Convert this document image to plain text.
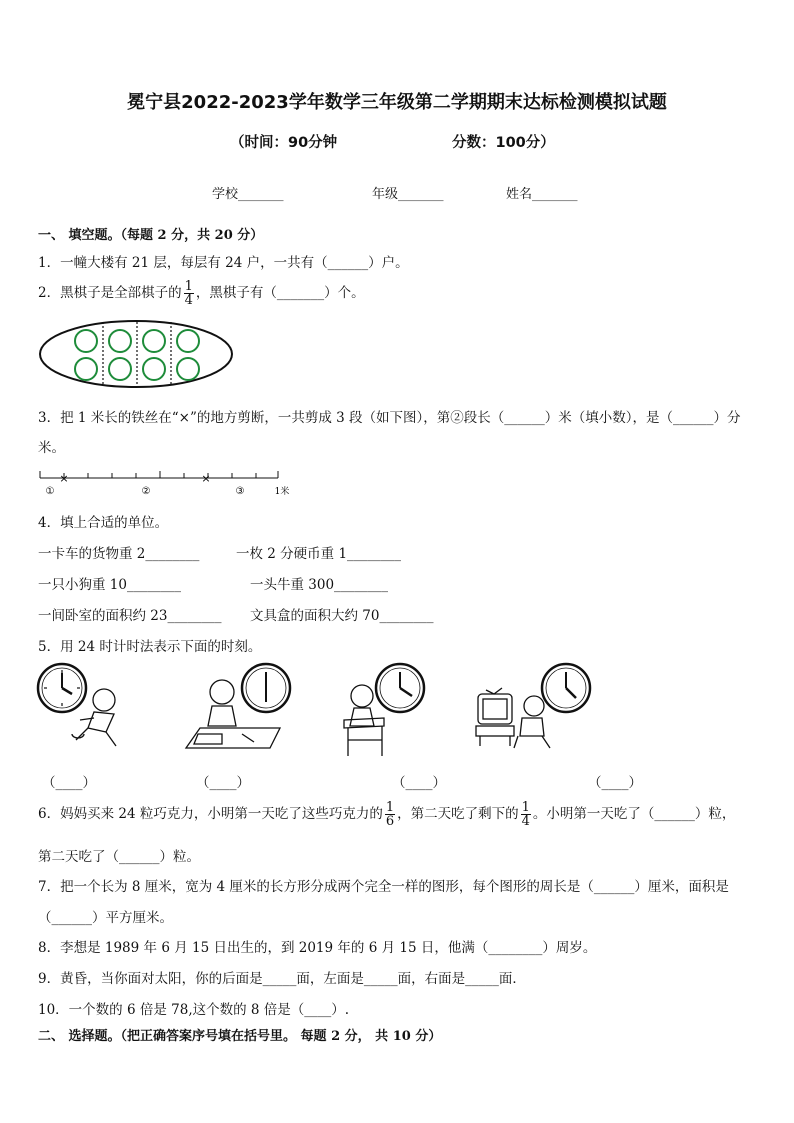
冕宁县2022-2023学年数学三年级第二学期期末达标检测模拟试题
（时间：90分钟	分数：100分）
学校_______	年级_______	姓名_______
一、 填空题。（每题 2 分，共 20 分）
1．一幢大楼有 21 层，每层有 24 户，一共有（______）户。
2．黑棋子是全部棋子的 $\frac{1}{4}$ ，黑棋子有（_______）个。
3．把 1 米长的铁丝在“×”的地方剪断，一共剪成 3 段（如下图），第②段长（______）米（填小数），是（______）分
米。
×	×
①	②	③	1米
4．填上合适的单位。
一卡车的货物重 2________	一枚 2 分硬币重 1________
一只小狗重 10________	一头牛重 300________
一间卧室的面积约 23________ 文具盒的面积大约 70________
5．用 24 时计时法表示下面的时刻。
（____）	（____）	（____）	（____）
6．妈妈买来 24 粒巧克力，小明第一天吃了这些巧克力的 $\frac{1}{6}$ ，第二天吃了剩下的 $\frac{1}{4}$ 。小明第一天吃了（______）粒，
第二天吃了（______）粒。
7．把一个长为 8 厘米，宽为 4 厘米的长方形分成两个完全一样的图形，每个图形的周长是（______）厘米，面积是
（______）平方厘米。
8．李想是 1989 年 6 月 15 日出生的，到 2019 年的 6 月 15 日，他满（________）周岁。
9．黄昏，当你面对太阳，你的后面是_____面，左面是_____面，右面是_____面．
10．一个数的 6 倍是 78,这个数的 8 倍是（____）.
二、 选择题。（把正确答案序号填在括号里。 每题 2 分， 共 10 分）
